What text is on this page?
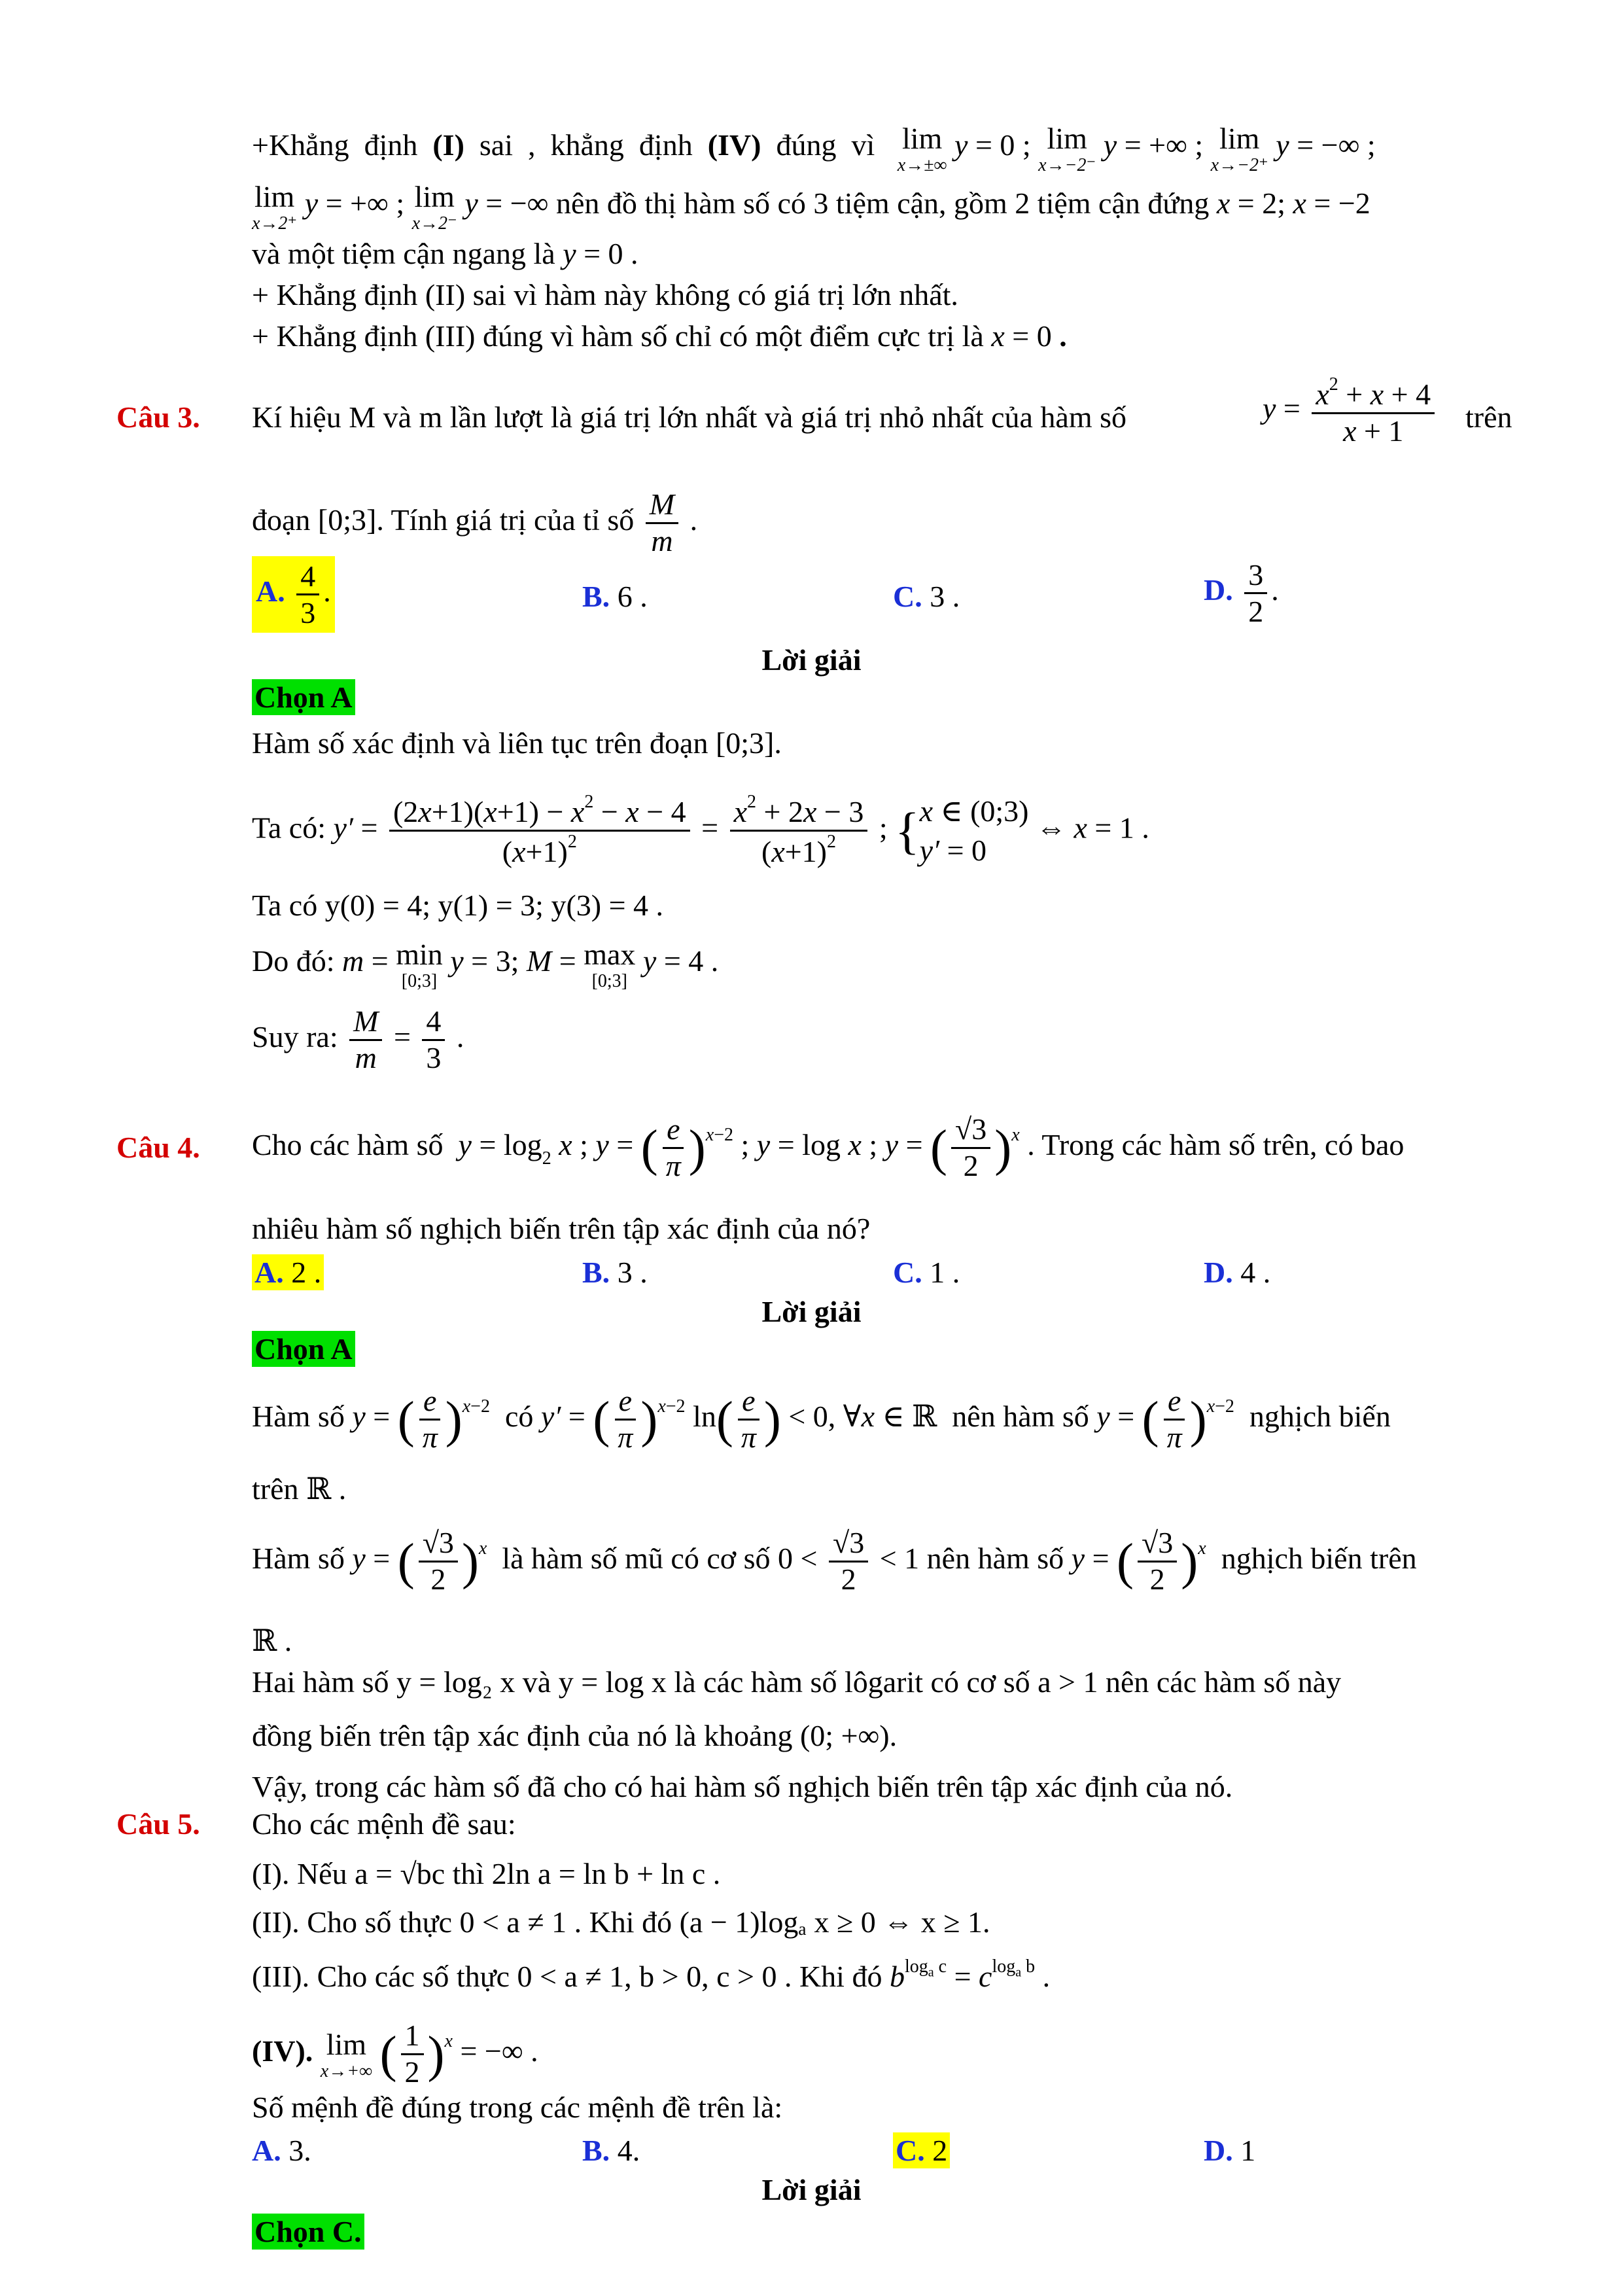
+Khẳng  định  (I)  sai  ,  khẳng  định  (IV)  đúng  vì lim
x→±∞
y = 0 ; lim
x→−2⁻
y = +∞ ; lim
x→−2⁺
y = −∞ ;
lim
x→2⁺
y = +∞ ; lim
x→2⁻
y = −∞ nên đồ thị hàm số có 3 tiệm cận, gồm 2 tiệm cận đứng x = 2; x = −2
và một tiệm cận ngang là y = 0 .
+ Khẳng định (II) sai vì hàm này không có giá trị lớn nhất.
+ Khẳng định (III) đúng vì hàm số chỉ có một điểm cực trị là x = 0 .
Câu 3. Kí hiệu M và m lần lượt là giá trị lớn nhất và giá trị nhỏ nhất của hàm số	$y = \frac{x^2 + x + 4}{x + 1}$ trên
đoạn [0;3]. Tính giá trị của tỉ số $\frac{M}{m}$ .
A. $\frac{4}{3}$ .	B. 6 .	C. 3 .	D. $\frac{3}{2}$ .
Lời giải
Chọn A
Hàm số xác định và liên tục trên đoạn [0;3].
Ta có: $y' = \frac{(2x+1)(x+1) - x^2 - x - 4}{(x+1)^2} = \frac{x^2 + 2x - 3}{(x+1)^2}$ ; { x ∈ (0;3)
y′ = 0
⇔ x = 1 .
Ta có y(0) = 4; y(1) = 3; y(3) = 4 .
Do đó: m = min
[0;3]
y = 3; M = max
[0;3]
y = 4 .
Suy ra: $\frac{M}{m} = \frac{4}{3}$ .
Câu 4. Cho các hàm số $y = \log_2 x$ ; y = ( $\frac{e}{\pi} )^{x-2}$ ; y = log x ; y = ( $\frac{√3}{2} )^x$ . Trong các hàm số trên, có bao
nhiêu hàm số nghịch biến trên tập xác định của nó?
A. 2 .	B. 3 .	C. 1 .	D. 4 .
Lời giải
Chọn A
Hàm số y = ( $\frac{e}{\pi} )^{x-2}$ có y′ = ( $\frac{e}{\pi} )^{x-2}$ $\ln( \frac{e}{\pi}$ ) < 0, ∀x ∈ ℝ  nên hàm số y = ( $\frac{e}{\pi} )^{x-2}$ nghịch biến
trên ℝ .
Hàm số y = ( $\frac{√3}{2} )^x$ là hàm số mũ có cơ số $0 < \frac{√3}{2} < 1$ nên hàm số y = ( $\frac{√3}{2} )^x$ nghịch biến trên
ℝ .
Hai hàm số y = log₂ x và y = log x là các hàm số lôgarit có cơ số a > 1 nên các hàm số này
đồng biến trên tập xác định của nó là khoảng (0; +∞).
Vậy, trong các hàm số đã cho có hai hàm số nghịch biến trên tập xác định của nó.
Câu 5. Cho các mệnh đề sau:
(I). Nếu a = √bc thì 2ln a = ln b + ln c .
(II). Cho số thực 0 < a ≠ 1 . Khi đó (a − 1)logₐ x ≥ 0 ⇔ x ≥ 1.
(III). Cho các số thực 0 < a ≠ 1, b > 0, c > 0 . Khi đó $b^{log_a c} = c^{log_a b}$ .
(IV). lim
x→+∞ ( $\frac{1}{2} )^x$ = −∞ .
Số mệnh đề đúng trong các mệnh đề trên là:
A. 3.	B. 4.	C. 2	D. 1
Lời giải
Chọn C.
